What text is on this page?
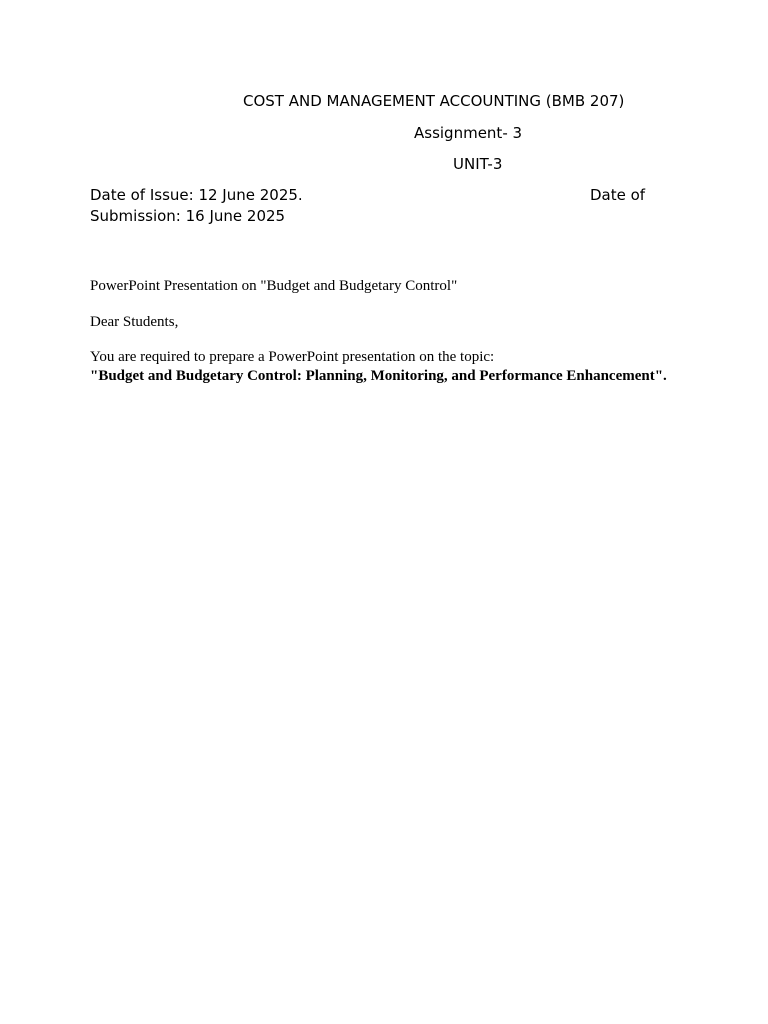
COST AND MANAGEMENT ACCOUNTING (BMB 207)
Assignment- 3
UNIT-3
Date of Issue: 12 June 2025.	Date of
Submission: 16 June 2025
PowerPoint Presentation on "Budget and Budgetary Control"
Dear Students,
You are required to prepare a PowerPoint presentation on the topic:
"Budget and Budgetary Control: Planning, Monitoring, and Performance Enhancement".
